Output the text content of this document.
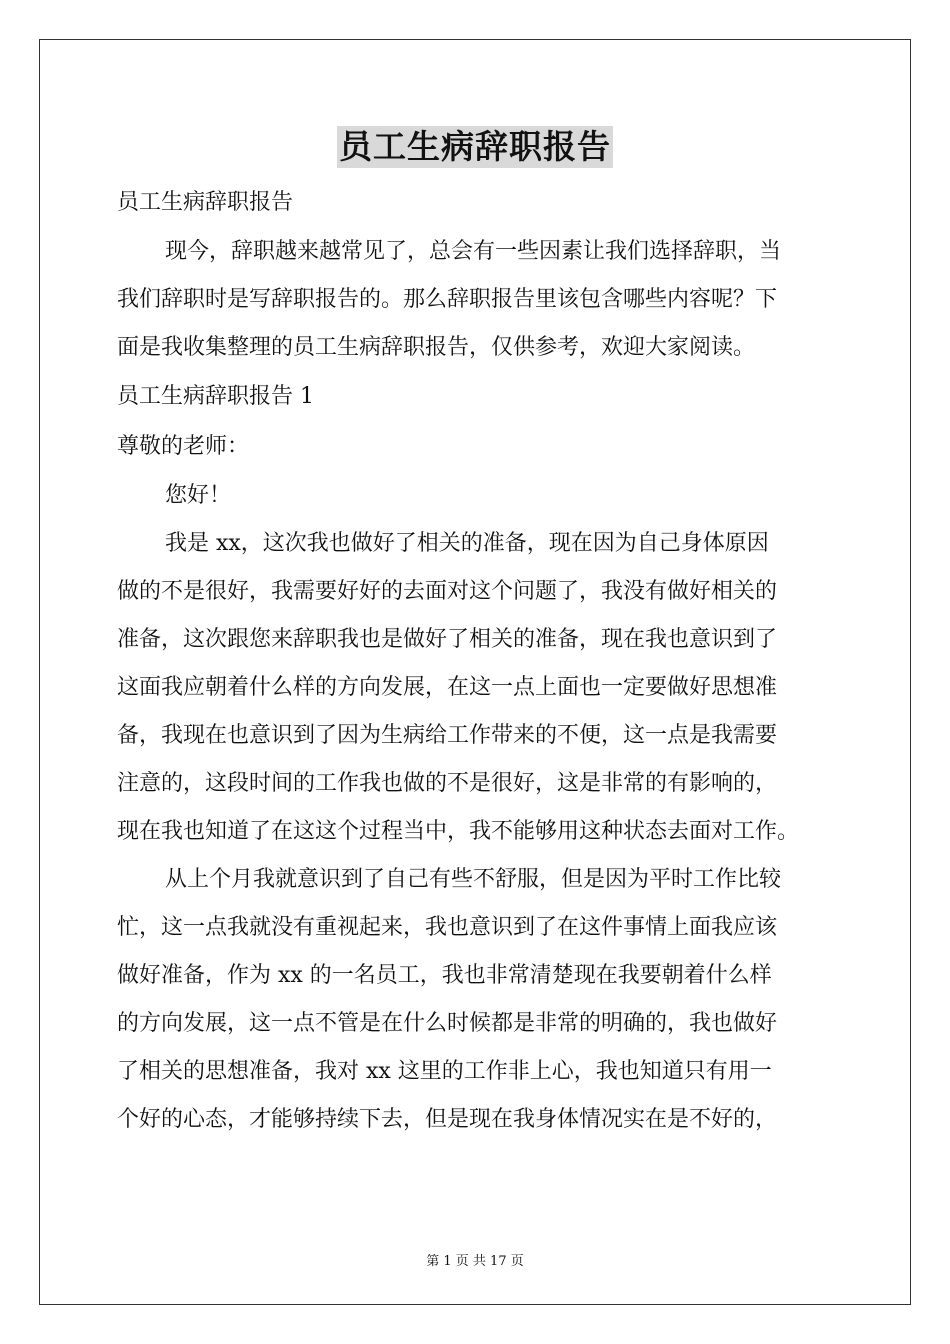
员工生病辞职报告

员工生病辞职报告

现今，辞职越来越常见了，总会有一些因素让我们选择辞职，当

我们辞职时是写辞职报告的。那么辞职报告里该包含哪些内容呢？下

面是我收集整理的员工生病辞职报告，仅供参考，欢迎大家阅读。

员工生病辞职报告 1

尊敬的老师：

您好！

我是 xx，这次我也做好了相关的准备，现在因为自己身体原因

做的不是很好，我需要好好的去面对这个问题了，我没有做好相关的

准备，这次跟您来辞职我也是做好了相关的准备，现在我也意识到了

这面我应朝着什么样的方向发展，在这一点上面也一定要做好思想准

备，我现在也意识到了因为生病给工作带来的不便，这一点是我需要

注意的，这段时间的工作我也做的不是很好，这是非常的有影响的，

现在我也知道了在这这个过程当中，我不能够用这种状态去面对工作。

从上个月我就意识到了自己有些不舒服，但是因为平时工作比较

忙，这一点我就没有重视起来，我也意识到了在这件事情上面我应该

做好准备，作为 xx 的一名员工，我也非常清楚现在我要朝着什么样

的方向发展，这一点不管是在什么时候都是非常的明确的，我也做好

了相关的思想准备，我对 xx 这里的工作非上心，我也知道只有用一

个好的心态，才能够持续下去，但是现在我身体情况实在是不好的，

第 1 页 共 17 页
